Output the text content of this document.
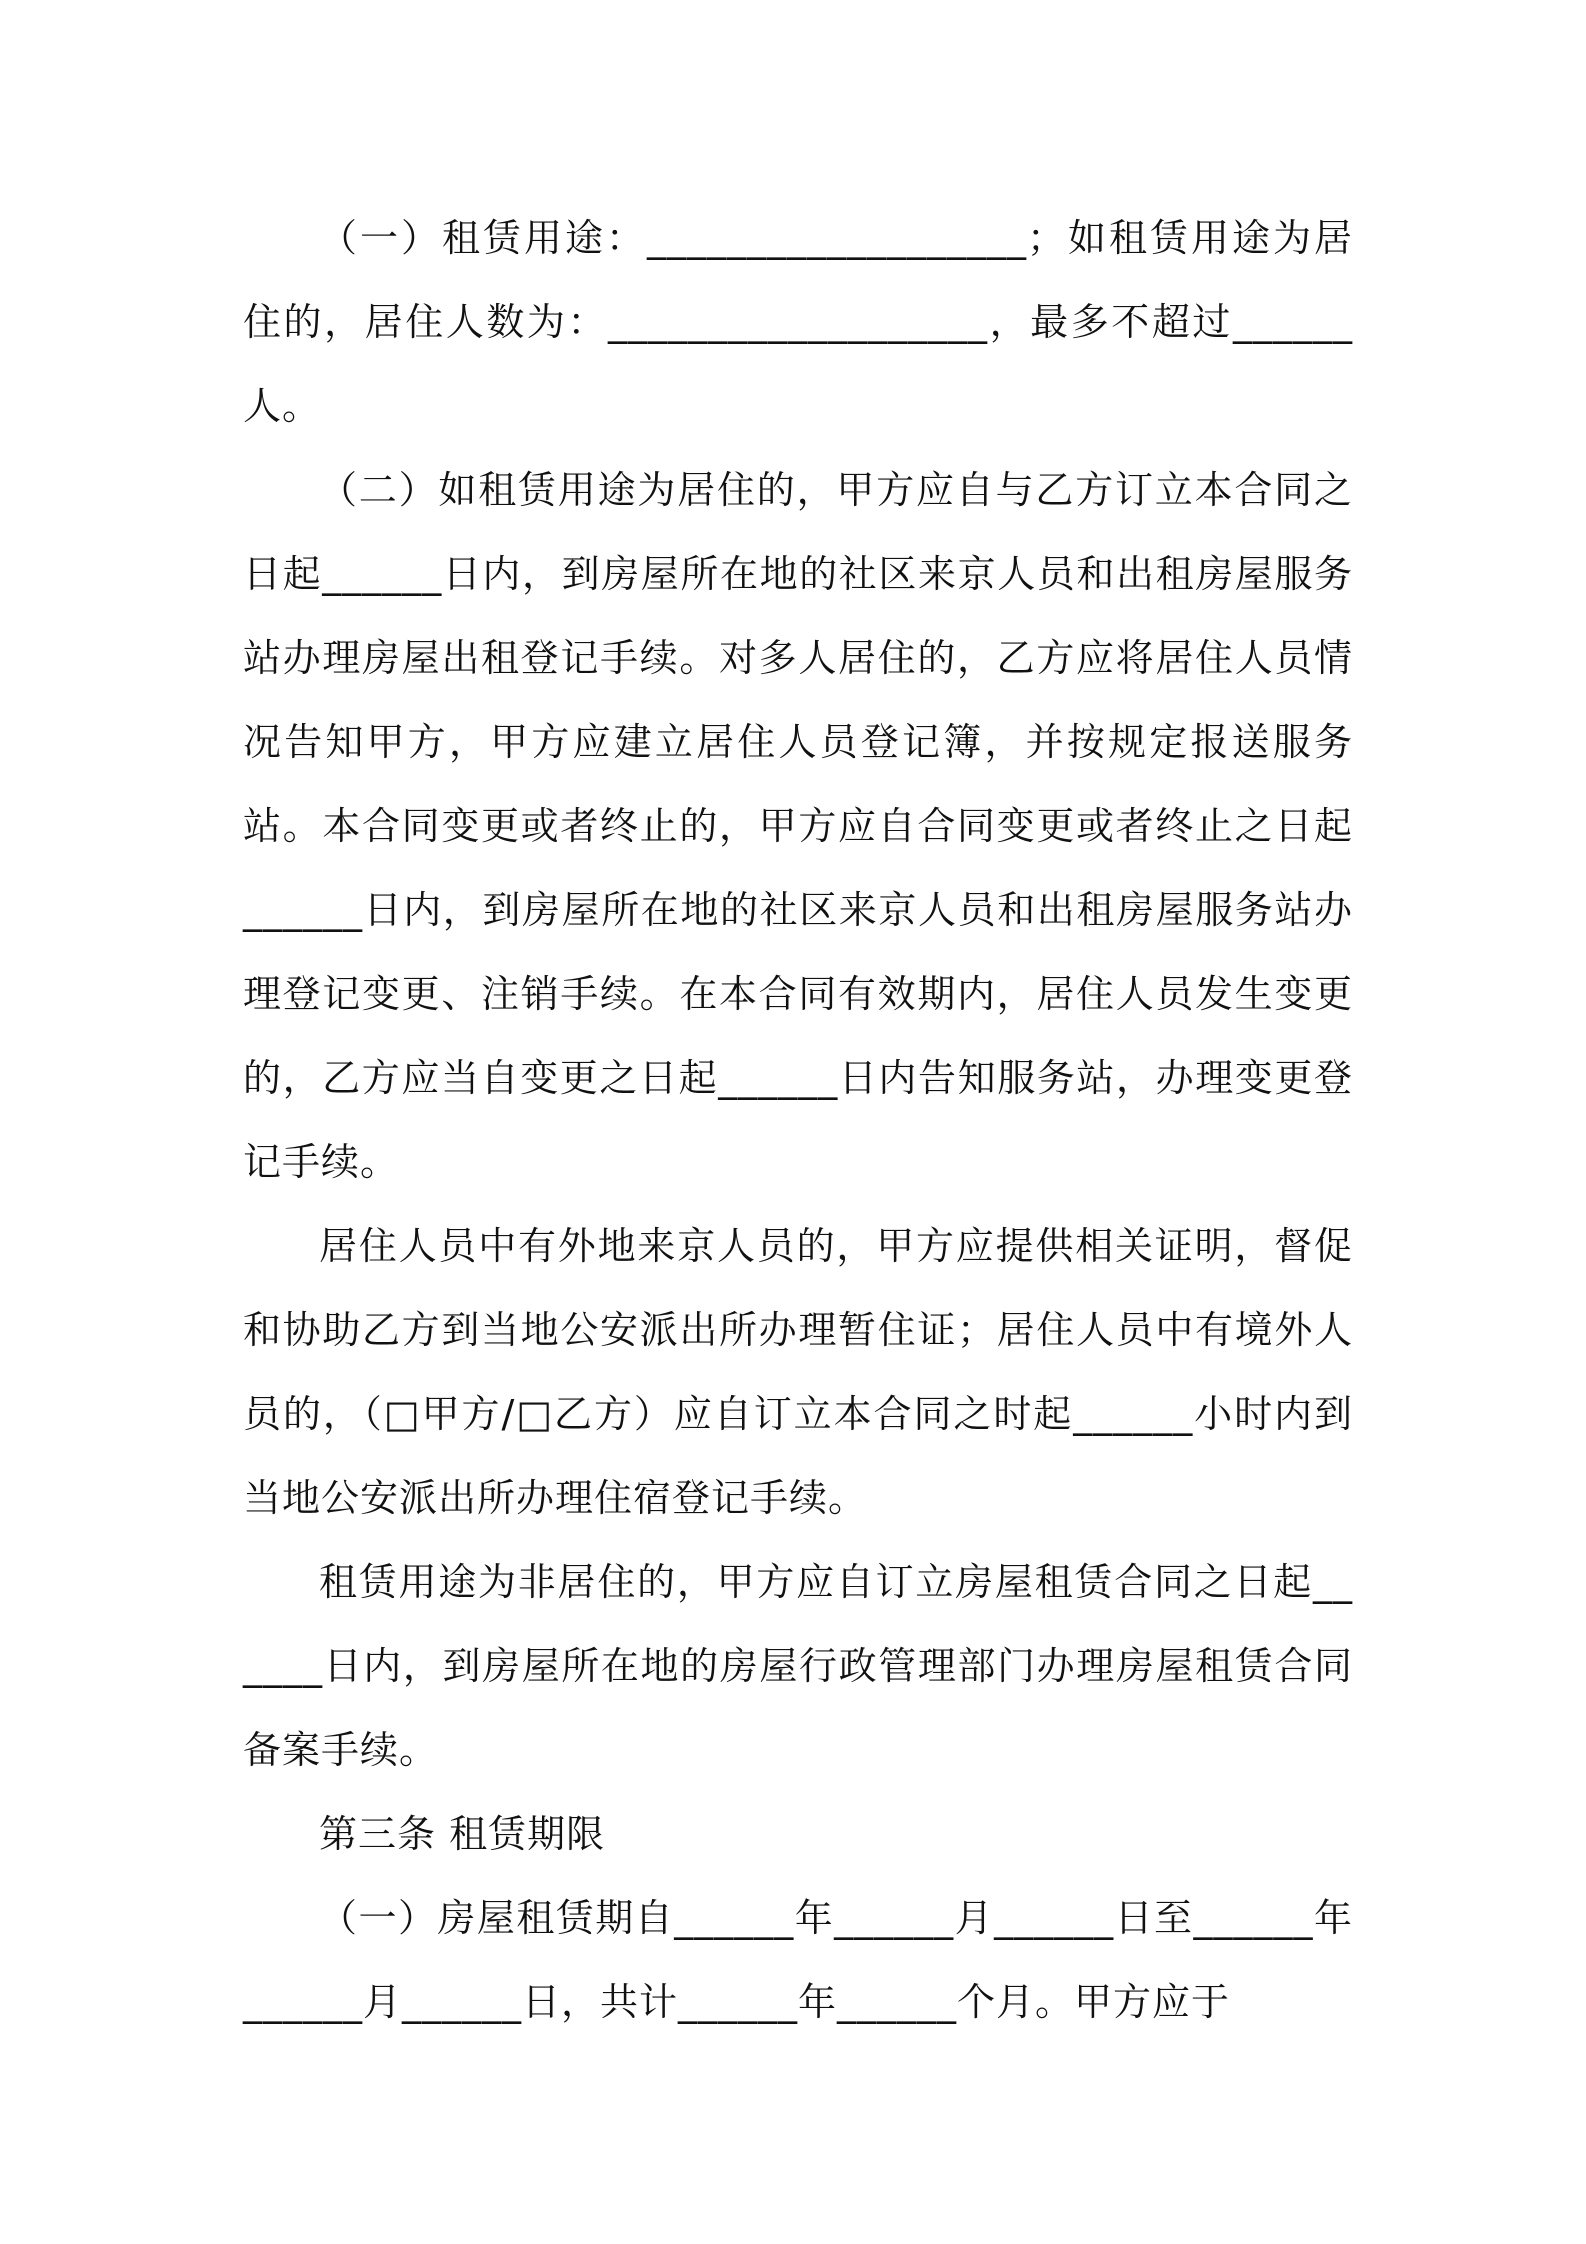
（一）租赁用途：___________________；如租赁用途为居住的，居住人数为：___________________，最多不超过______人。

（二）如租赁用途为居住的，甲方应自与乙方订立本合同之日起______日内，到房屋所在地的社区来京人员和出租房屋服务站办理房屋出租登记手续。对多人居住的，乙方应将居住人员情况告知甲方，甲方应建立居住人员登记簿，并按规定报送服务站。本合同变更或者终止的，甲方应自合同变更或者终止之日起______日内，到房屋所在地的社区来京人员和出租房屋服务站办理登记变更、注销手续。在本合同有效期内，居住人员发生变更的，乙方应当自变更之日起______日内告知服务站，办理变更登记手续。

居住人员中有外地来京人员的，甲方应提供相关证明，督促和协助乙方到当地公安派出所办理暂住证；居住人员中有境外人员的，（□甲方/□乙方）应自订立本合同之时起______小时内到当地公安派出所办理住宿登记手续。

租赁用途为非居住的，甲方应自订立房屋租赁合同之日起______日内，到房屋所在地的房屋行政管理部门办理房屋租赁合同备案手续。

第三条 租赁期限

（一）房屋租赁期自______年______月______日至______年______月______日，共计______年______个月。甲方应于
